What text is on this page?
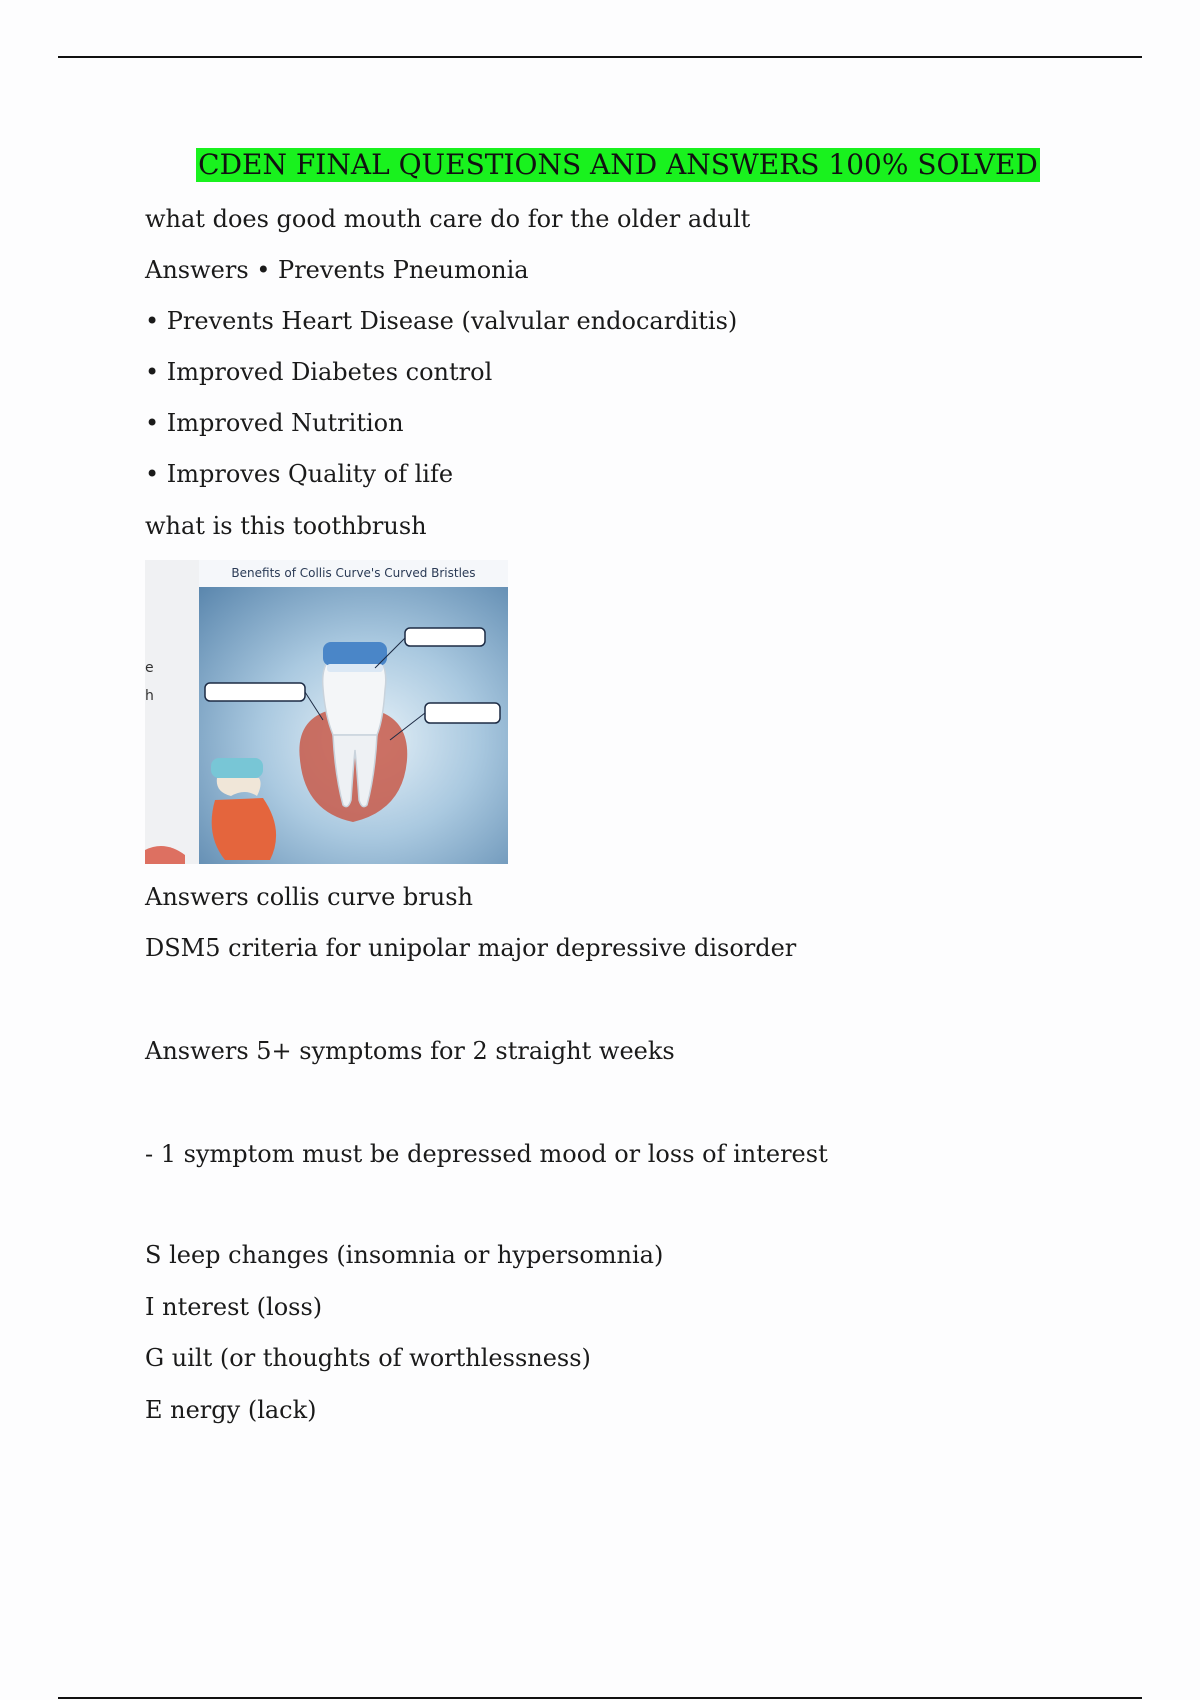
CDEN FINAL QUESTIONS AND ANSWERS 100% SOLVED
what does good mouth care do for the older adult
Answers • Prevents Pneumonia
• Prevents Heart Disease (valvular endocarditis)
• Improved Diabetes control
• Improved Nutrition
• Improves Quality of life
what is this toothbrush
e
h
Benefits of Collis Curve's Curved Bristles
Answers collis curve brush
DSM5 criteria for unipolar major depressive disorder
Answers 5+ symptoms for 2 straight weeks
- 1 symptom must be depressed mood or loss of interest
S leep changes (insomnia or hypersomnia)
I nterest (loss)
G uilt (or thoughts of worthlessness)
E nergy (lack)
